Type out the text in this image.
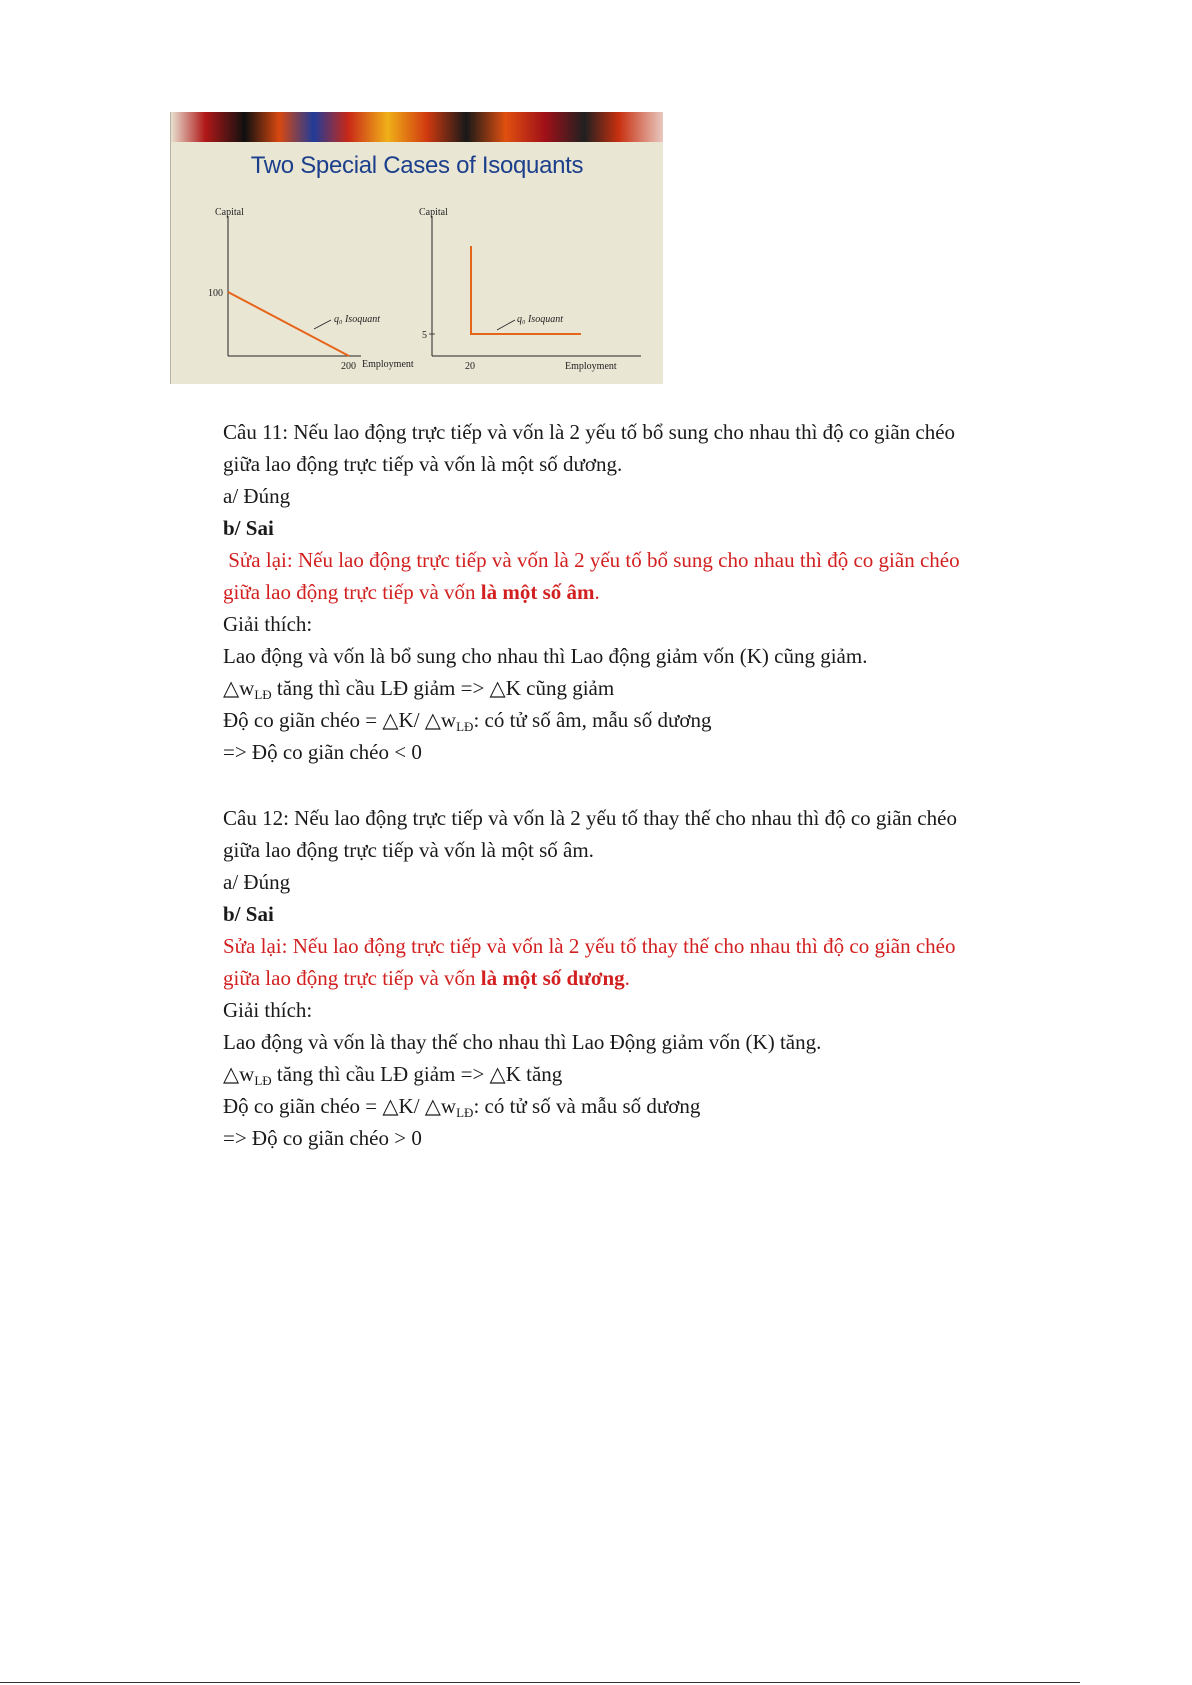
Two Special Cases of Isoquants
Capital
100
200 Employment
q₀ Isoquant
Capital
5
20	Employment
q₀ Isoquant

Câu 11: Nếu lao động trực tiếp và vốn là 2 yếu tố bổ sung cho nhau thì độ co giãn chéo

giữa lao động trực tiếp và vốn là một số dương.

a/ Đúng

b/ Sai

Sửa lại: Nếu lao động trực tiếp và vốn là 2 yếu tố bổ sung cho nhau thì độ co giãn chéo

giữa lao động trực tiếp và vốn là một số âm.

Giải thích:

Lao động và vốn là bổ sung cho nhau thì Lao động giảm vốn (K) cũng giảm.

$\triangle w_{LĐ}$ tăng thì cầu LĐ giảm => △K cũng giảm

Độ co giãn chéo = △K/ $\triangle w_{LĐ}$: có tử số âm, mẫu số dương

=> Độ co giãn chéo < 0

Câu 12: Nếu lao động trực tiếp và vốn là 2 yếu tố thay thế cho nhau thì độ co giãn chéo

giữa lao động trực tiếp và vốn là một số âm.

a/ Đúng

b/ Sai

Sửa lại: Nếu lao động trực tiếp và vốn là 2 yếu tố thay thế cho nhau thì độ co giãn chéo

giữa lao động trực tiếp và vốn là một số dương.

Giải thích:

Lao động và vốn là thay thế cho nhau thì Lao Động giảm vốn (K) tăng.

$\triangle w_{LĐ}$ tăng thì cầu LĐ giảm => △K tăng

Độ co giãn chéo = △K/ $\triangle w_{LĐ}$: có tử số và mẫu số dương

=> Độ co giãn chéo > 0
